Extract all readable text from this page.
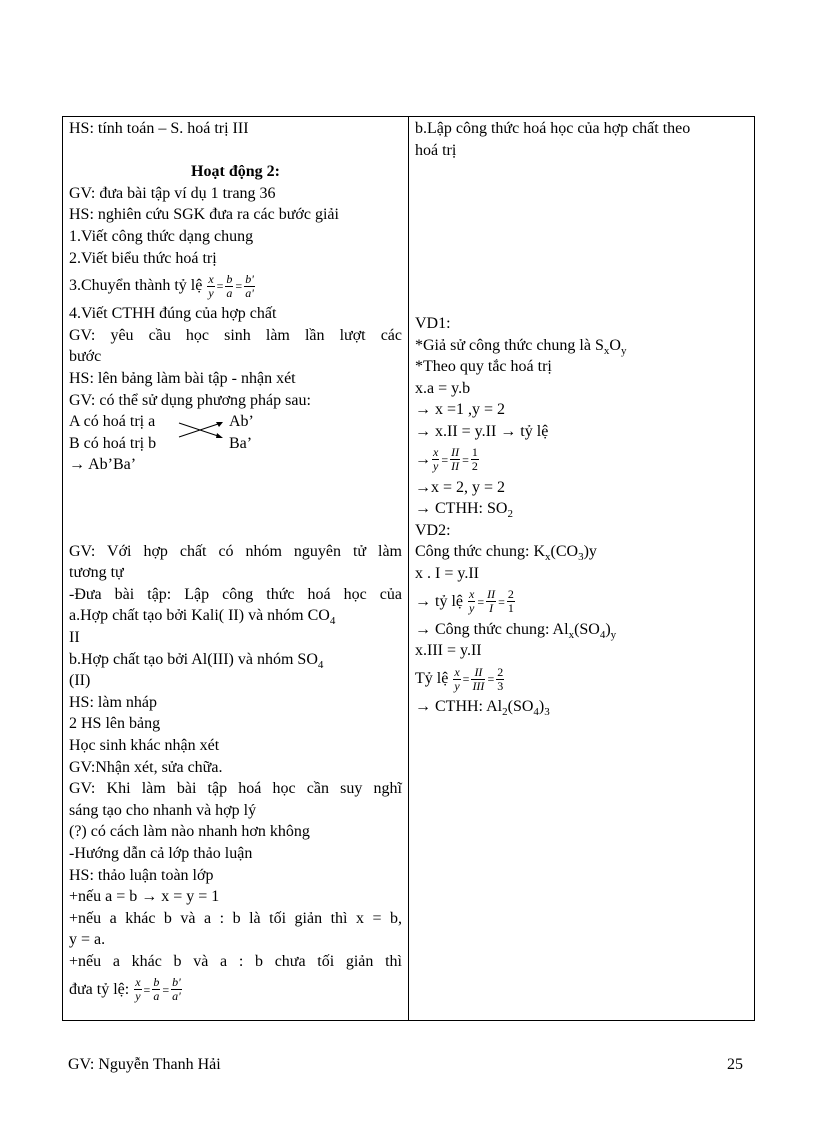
HS: tính toán – S. hoá trị III
Hoạt động 2:
GV: đưa bài tập ví dụ 1 trang 36
HS: nghiên cứu SGK đưa ra các bước giải
1.Viết công thức dạng chung
2.Viết biểu thức hoá trị
3.Chuyển thành tỷ lệ $\frac{x}{y} = \frac{b}{a} = \frac{b'}{a'}$
4.Viết CTHH đúng của hợp chất
GV: yêu cầu học sinh làm lần lượt các
bước
HS: lên bảng làm bài tập - nhận xét
GV: có thể sử dụng phương pháp sau:
A có hoá trị a	Ab’
B có hoá trị b	Ba’
→ Ab’Ba’
GV: Với hợp chất có nhóm nguyên tử làm
tương tự
-Đưa bài tập: Lập công thức hoá học của
a.Hợp chất tạo bởi Kali( II) và nhóm $CO_4$
II
b.Hợp chất tạo bởi Al(III) và nhóm $SO_4$
(II)
HS: làm nháp
2 HS lên bảng
Học sinh khác nhận xét
GV:Nhận xét, sửa chữa.
GV: Khi làm bài tập hoá học cần suy nghĩ
sáng tạo cho nhanh và hợp lý
(?) có cách làm nào nhanh hơn không
-Hướng dẫn cả lớp thảo luận
HS: thảo luận toàn lớp
+nếu a = b → x = y = 1
+nếu a khác b và a : b là tối giản thì x = b,
y = a.
+nếu a khác b và a : b chưa tối giản thì
đưa tỷ lệ: $\frac{x}{y} = \frac{b}{a} = \frac{b'}{a'}$
b.Lập công thức hoá học của hợp chất theo
hoá trị
VD1:
*Giả sử công thức chung là $S_xO_y$
*Theo quy tắc hoá trị
x.a = y.b
→ x =1 ,y = 2
→ x.II = y.II → tỷ lệ
→ $\frac{x}{y} = \frac{II}{II} = \frac{1}{2}$
→x = 2, y = 2
→ CTHH: $SO_2$
VD2:
Công thức chung: $K_x(CO_3)y$
x . I = y.II
→ tỷ lệ $\frac{x}{y} = \frac{II}{I} = \frac{2}{1}$
→ Công thức chung: $Al_x(SO_4)_y$
x.III = y.II
Tỷ lệ $\frac{x}{y} = \frac{II}{\text{III}} = \frac{2}{3}$
→ CTHH: $Al_2(SO_4)_3$
GV: Nguyễn Thanh Hải	25
